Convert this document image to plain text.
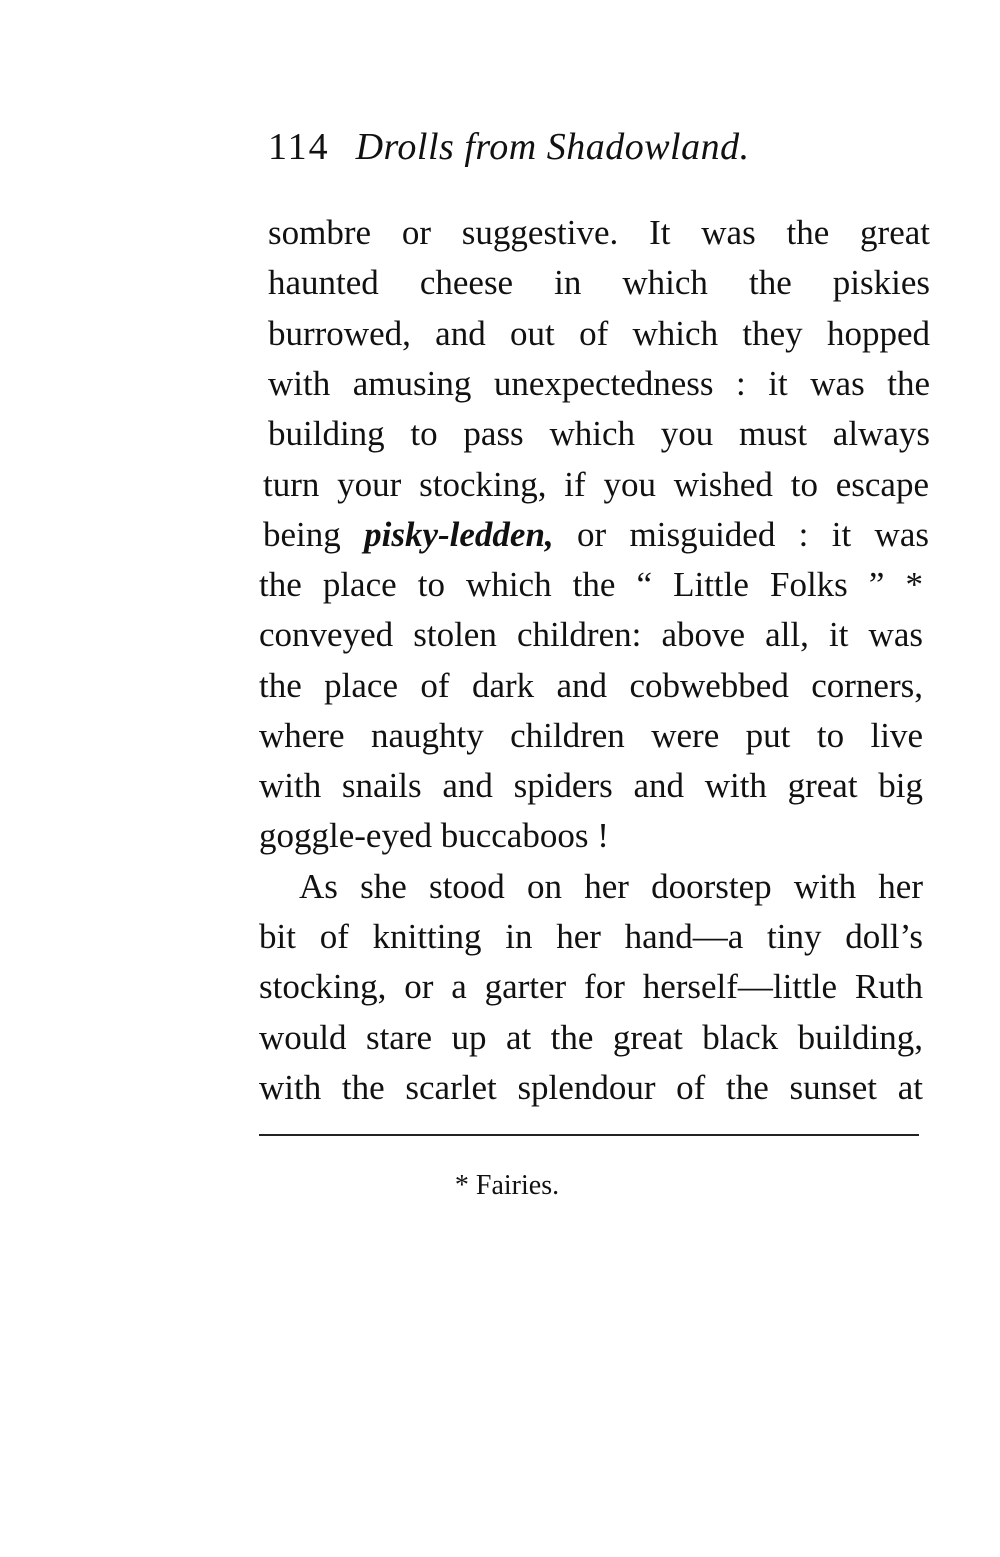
114 Drolls from Shadowland.
sombre or suggestive. It was the great
haunted cheese in which the piskies
burrowed, and out of which they hopped
with amusing unexpectedness : it was the
building to pass which you must always
turn your stocking, if you wished to escape
being pisky-ledden, or misguided : it was
the place to which the “ Little Folks ” *
conveyed stolen children: above all, it was
the place of dark and cobwebbed corners,
where naughty children were put to live
with snails and spiders and with great big
goggle-eyed buccaboos !
As she stood on her doorstep with her
bit of knitting in her hand—a tiny doll’s
stocking, or a garter for herself—little Ruth
would stare up at the great black building,
with the scarlet splendour of the sunset at
* Fairies.
